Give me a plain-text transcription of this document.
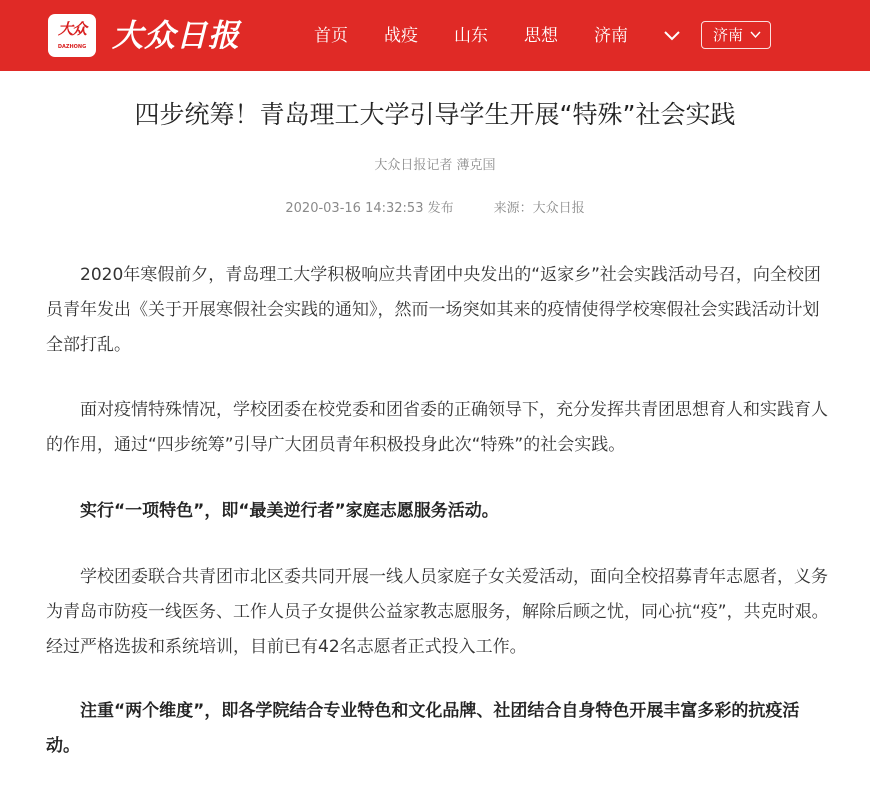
大众
DAZHONG 大众日报	首页 战疫 山东 思想 济南	济南
四步统筹！青岛理工大学引导学生开展“特殊”社会实践
大众日报记者 薄克国
2020-03-16 14:32:53 发布	来源：大众日报

2020年寒假前夕，青岛理工大学积极响应共青团中央发出的“返家乡”社会实践活动号召，向全校团员青年发出《关于开展寒假社会实践的通知》，然而一场突如其来的疫情使得学校寒假社会实践活动计划全部打乱。

面对疫情特殊情况，学校团委在校党委和团省委的正确领导下，充分发挥共青团思想育人和实践育人的作用，通过“四步统筹”引导广大团员青年积极投身此次“特殊”的社会实践。

实行“一项特色”，即“最美逆行者”家庭志愿服务活动。

学校团委联合共青团市北区委共同开展一线人员家庭子女关爱活动，面向全校招募青年志愿者，义务为青岛市防疫一线医务、工作人员子女提供公益家教志愿服务，解除后顾之忧，同心抗“疫”，共克时艰。经过严格选拔和系统培训，目前已有42名志愿者正式投入工作。

注重“两个维度”，即各学院结合专业特色和文化品牌、社团结合自身特色开展丰富多彩的抗疫活动。
